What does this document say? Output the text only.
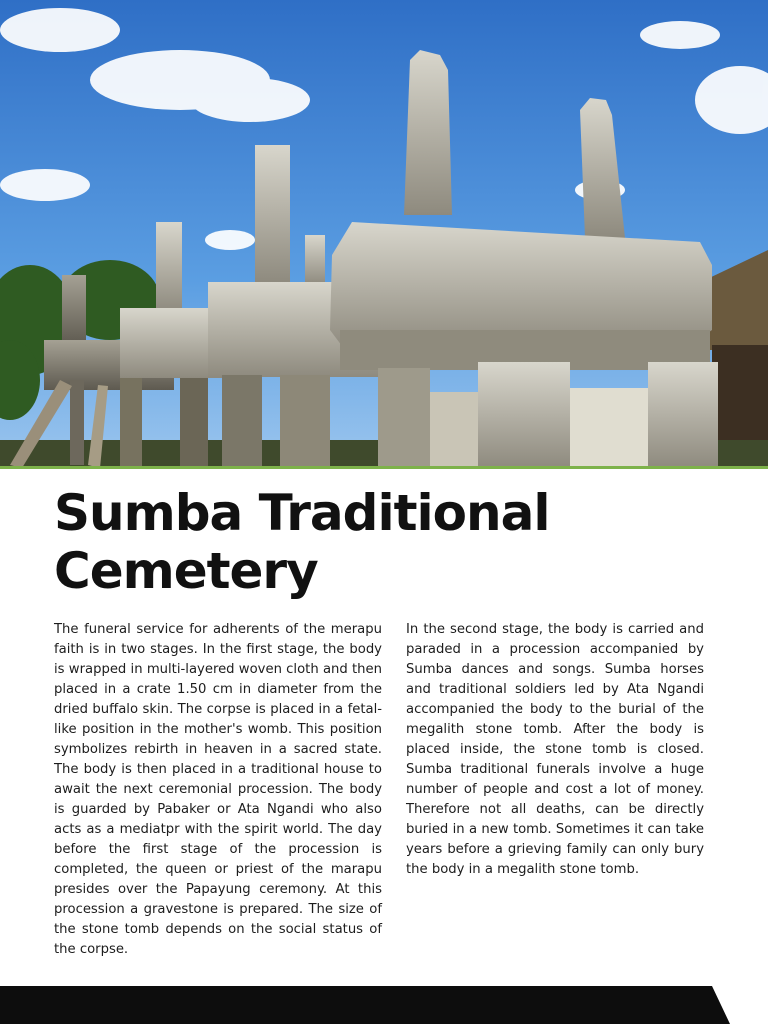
Sumba Traditional
Cemetery

The funeral service for adherents of the merapu faith is in two stages. In the first stage, the body is wrapped in multi-layered woven cloth and then placed in a crate 1.50 cm in diameter from the dried buffalo skin. The corpse is placed in a fetal-like position in the mother's womb. This position symbolizes rebirth in heaven in a sacred state. The body is then placed in a traditional house to await the next ceremonial procession. The body is guarded by Pabaker or Ata Ngandi who also acts as a mediatpr with the spirit world. The day before the first stage of the procession is completed, the queen or priest of the marapu presides over the Papayung ceremony. At this procession a gravestone is prepared. The size of the stone tomb depends on the social status of the corpse.

In the second stage, the body is carried and paraded in a procession accompanied by Sumba dances and songs. Sumba horses and traditional soldiers led by Ata Ngandi accompanied the body to the burial of the megalith stone tomb. After the body is placed inside, the stone tomb is closed. Sumba traditional funerals involve a huge number of people and cost a lot of money. Therefore not all deaths, can be directly buried in a new tomb. Sometimes it can take years before a grieving family can only bury the body in a megalith stone tomb.
